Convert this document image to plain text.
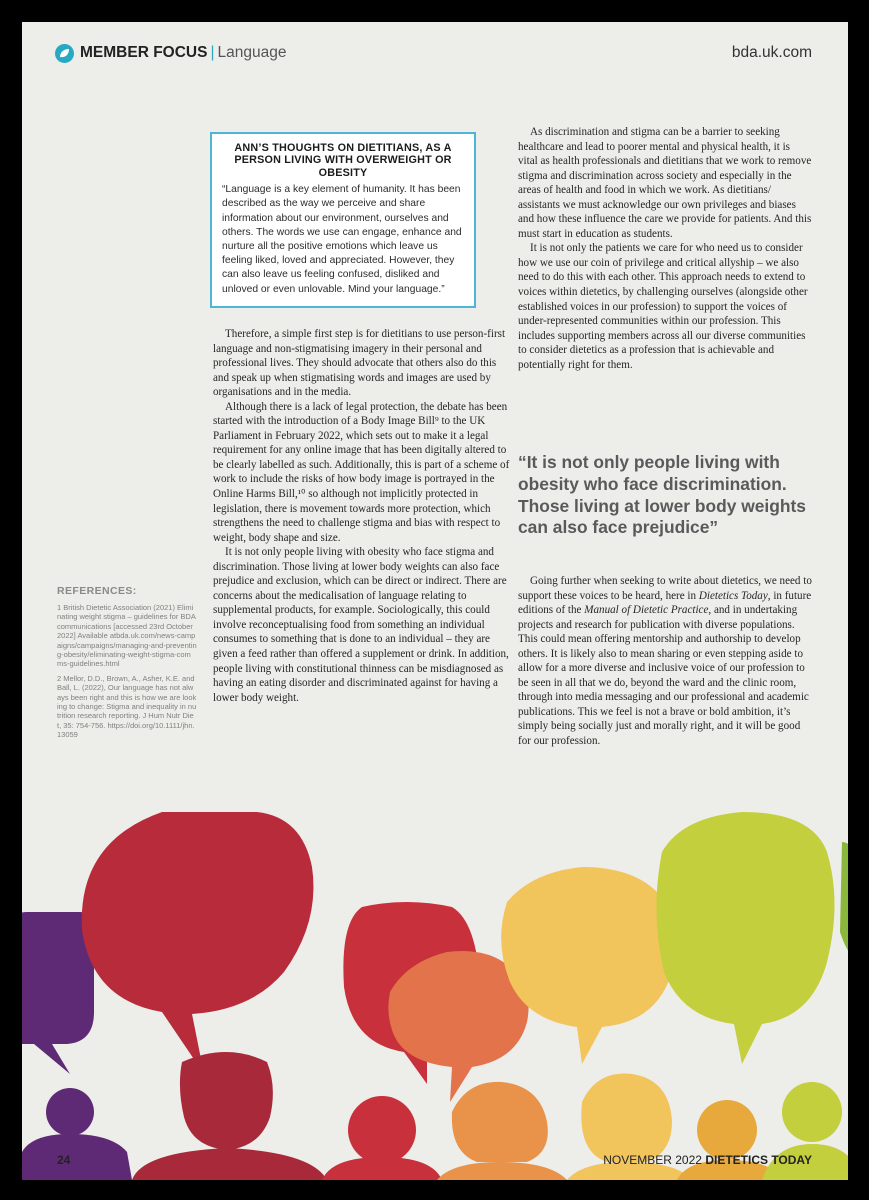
MEMBER FOCUS | Language	bda.uk.com
ANN’S THOUGHTS ON DIETITIANS, AS A PERSON LIVING WITH OVERWEIGHT OR OBESITY
“Language is a key element of humanity. It has been described as the way we perceive and share information about our environment, ourselves and others. The words we use can engage, enhance and nurture all the positive emotions which leave us feeling liked, loved and appreciated. However, they can also leave us feeling confused, disliked and unloved or even unlovable. Mind your language.”

Therefore, a simple first step is for dietitians to use person-first language and non-stigmatising imagery in their personal and professional lives. They should advocate that others also do this and speak up when stigmatising words and images are used by organisations and in the media.

Although there is a lack of legal protection, the debate has been started with the introduction of a Body Image Bill⁹ to the UK Parliament in February 2022, which sets out to make it a legal requirement for any online image that has been digitally altered to be clearly labelled as such. Additionally, this is part of a scheme of work to include the risks of how body image is portrayed in the Online Harms Bill,¹⁰ so although not implicitly protected in legislation, there is movement towards more protection, which strengthens the need to challenge stigma and bias with respect to weight, body shape and size.

It is not only people living with obesity who face stigma and discrimination. Those living at lower body weights can also face prejudice and exclusion, which can be direct or indirect. There are concerns about the medicalisation of language relating to supplemental products, for example. Sociologically, this could involve reconceptualising food from something an individual consumes to something that is done to an individual – they are given a feed rather than offered a supplement or drink. In addition, people living with constitutional thinness can be misdiagnosed as having an eating disorder and discriminated against for having a lower body weight.

As discrimination and stigma can be a barrier to seeking healthcare and lead to poorer mental and physical health, it is vital as health professionals and dietitians that we work to remove stigma and discrimination across society and especially in the areas of health and food in which we work. As dietitians/ assistants we must acknowledge our own privileges and biases and how these influence the care we provide for patients. And this must start in education as students.

It is not only the patients we care for who need us to consider how we use our coin of privilege and critical allyship – we also need to do this with each other. This approach needs to extend to voices within dietetics, by challenging ourselves (alongside other established voices in our profession) to support the voices of under-represented communities within our profession. This includes supporting members across all our diverse communities to consider dietetics as a profession that is achievable and potentially right for them.

“It is not only people living with obesity who face discrimination. Those living at lower body weights can also face prejudice”

Going further when seeking to write about dietetics, we need to support these voices to be heard, here in Dietetics Today, in future editions of the Manual of Dietetic Practice, and in undertaking projects and research for publication with diverse populations. This could mean offering mentorship and authorship to develop others. It is likely also to mean sharing or even stepping aside to allow for a more diverse and inclusive voice of our profession to be seen in all that we do, beyond the ward and the clinic room, through into media messaging and our professional and academic publications. This we feel is not a brave or bold ambition, it’s simply being socially just and morally right, and it will be good for our profession.

REFERENCES:
1 British Dietetic Association (2021) Eliminating weight stigma – guidelines for BDA communications [accessed 23rd October 2022] Available atbda.uk.com/news-campaigns/campaigns/managing-and-preventing-obesity/eliminating-weight-stigma-comms-guidelines.html
2 Mellor, D.D., Brown, A., Asher, K.E. and Ball, L. (2022), Our language has not always been right and this is how we are looking to change: Stigma and inequality in nutrition research reporting. J Hum Nutr Diet, 35: 754-756. https://doi.org/10.1111/jhn.13059
24	NOVEMBER 2022 DIETETICS TODAY
